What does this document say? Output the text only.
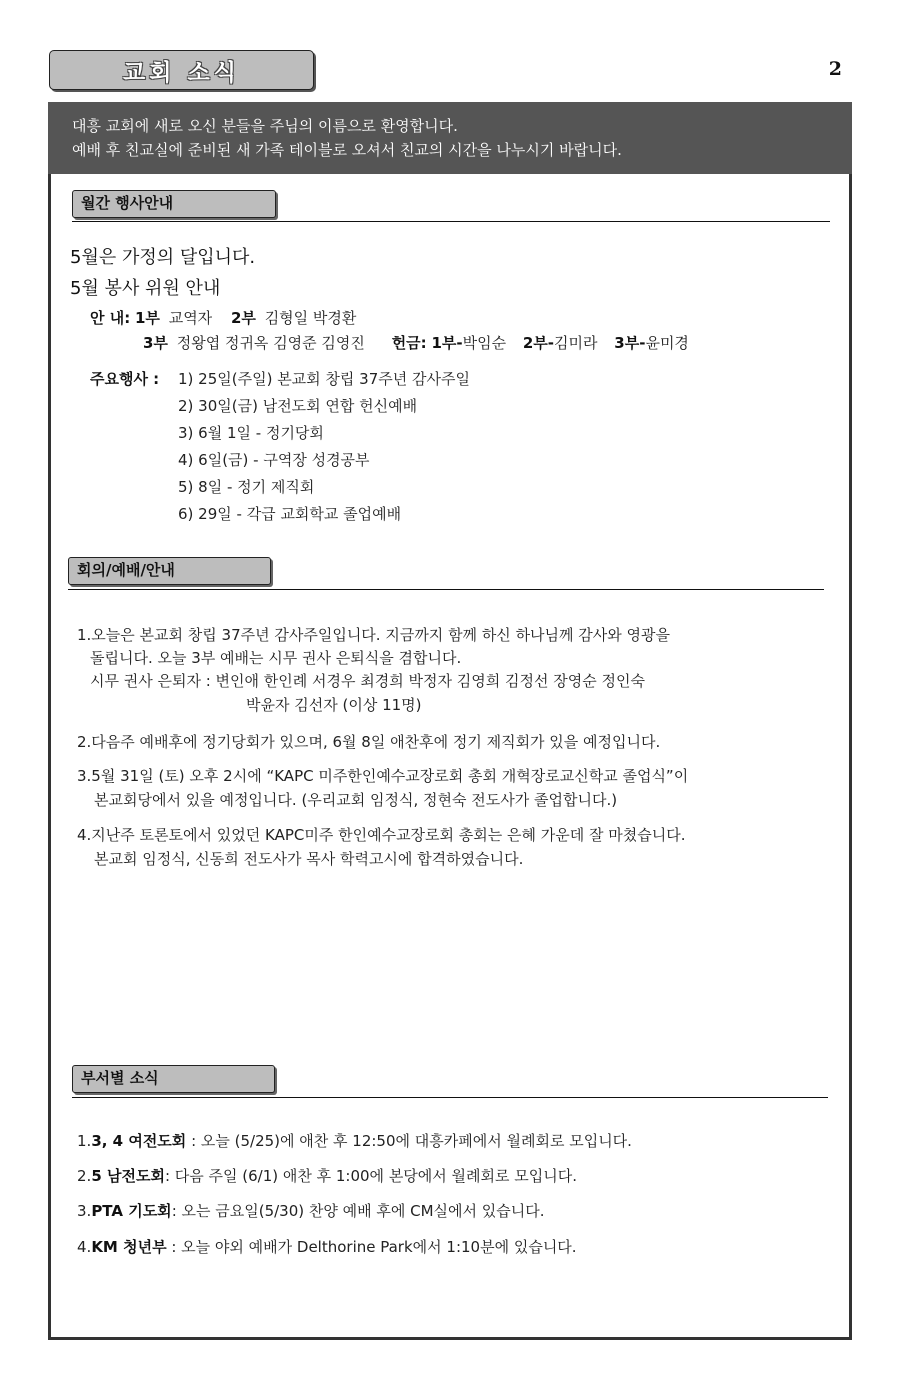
교회 소식	2
대흥 교회에 새로 오신 분들을 주님의 이름으로 환영합니다.
예배 후 친교실에 준비된 새 가족 테이블로 오셔서 친교의 시간을 나누시기 바랍니다.
월간 행사안내
5월은 가정의 달입니다.
5월 봉사 위원 안내
안 내: 1부 교역자 2부 김형일 박경환
3부 정왕엽 정귀옥 김영준 김영진 헌금: 1부-박임순 2부-김미라 3부-윤미경
주요행사 : 1) 25일(주일) 본교회 창립 37주년 감사주일
2) 30일(금) 남전도회 연합 헌신예배
3) 6월 1일 - 정기당회
4) 6일(금) - 구역장 성경공부
5) 8일 - 정기 제직회
6) 29일 - 각급 교회학교 졸업예배
회의/예배/안내
1.오늘은 본교회 창립 37주년 감사주일입니다. 지금까지 함께 하신 하나님께 감사와 영광을
돌립니다. 오늘 3부 예배는 시무 권사 은퇴식을 겸합니다.
시무 권사 은퇴자 : 변인애 한인례 서경우 최경희 박정자 김영희 김정선 장영순 정인숙
박윤자 김선자 (이상 11명)
2.다음주 예배후에 정기당회가 있으며, 6월 8일 애찬후에 정기 제직회가 있을 예정입니다.
3.5월 31일 (토) 오후 2시에 “KAPC 미주한인예수교장로회 총회 개혁장로교신학교 졸업식”이
본교회당에서 있을 예정입니다. (우리교회 임정식, 정현숙 전도사가 졸업합니다.)
4.지난주 토론토에서 있었던 KAPC미주 한인예수교장로회 총회는 은혜 가운데 잘 마쳤습니다.
본교회 임정식, 신동희 전도사가 목사 학력고시에 합격하였습니다.
부서별 소식
1.3, 4 여전도회 : 오늘 (5/25)에 애찬 후 12:50에 대흥카페에서 월례회로 모입니다.
2.5 남전도회: 다음 주일 (6/1) 애찬 후 1:00에 본당에서 월례회로 모입니다.
3.PTA 기도회: 오는 금요일(5/30) 찬양 예배 후에 CM실에서 있습니다.
4.KM 청년부 : 오늘 야외 예배가 Delthorine Park에서 1:10분에 있습니다.
